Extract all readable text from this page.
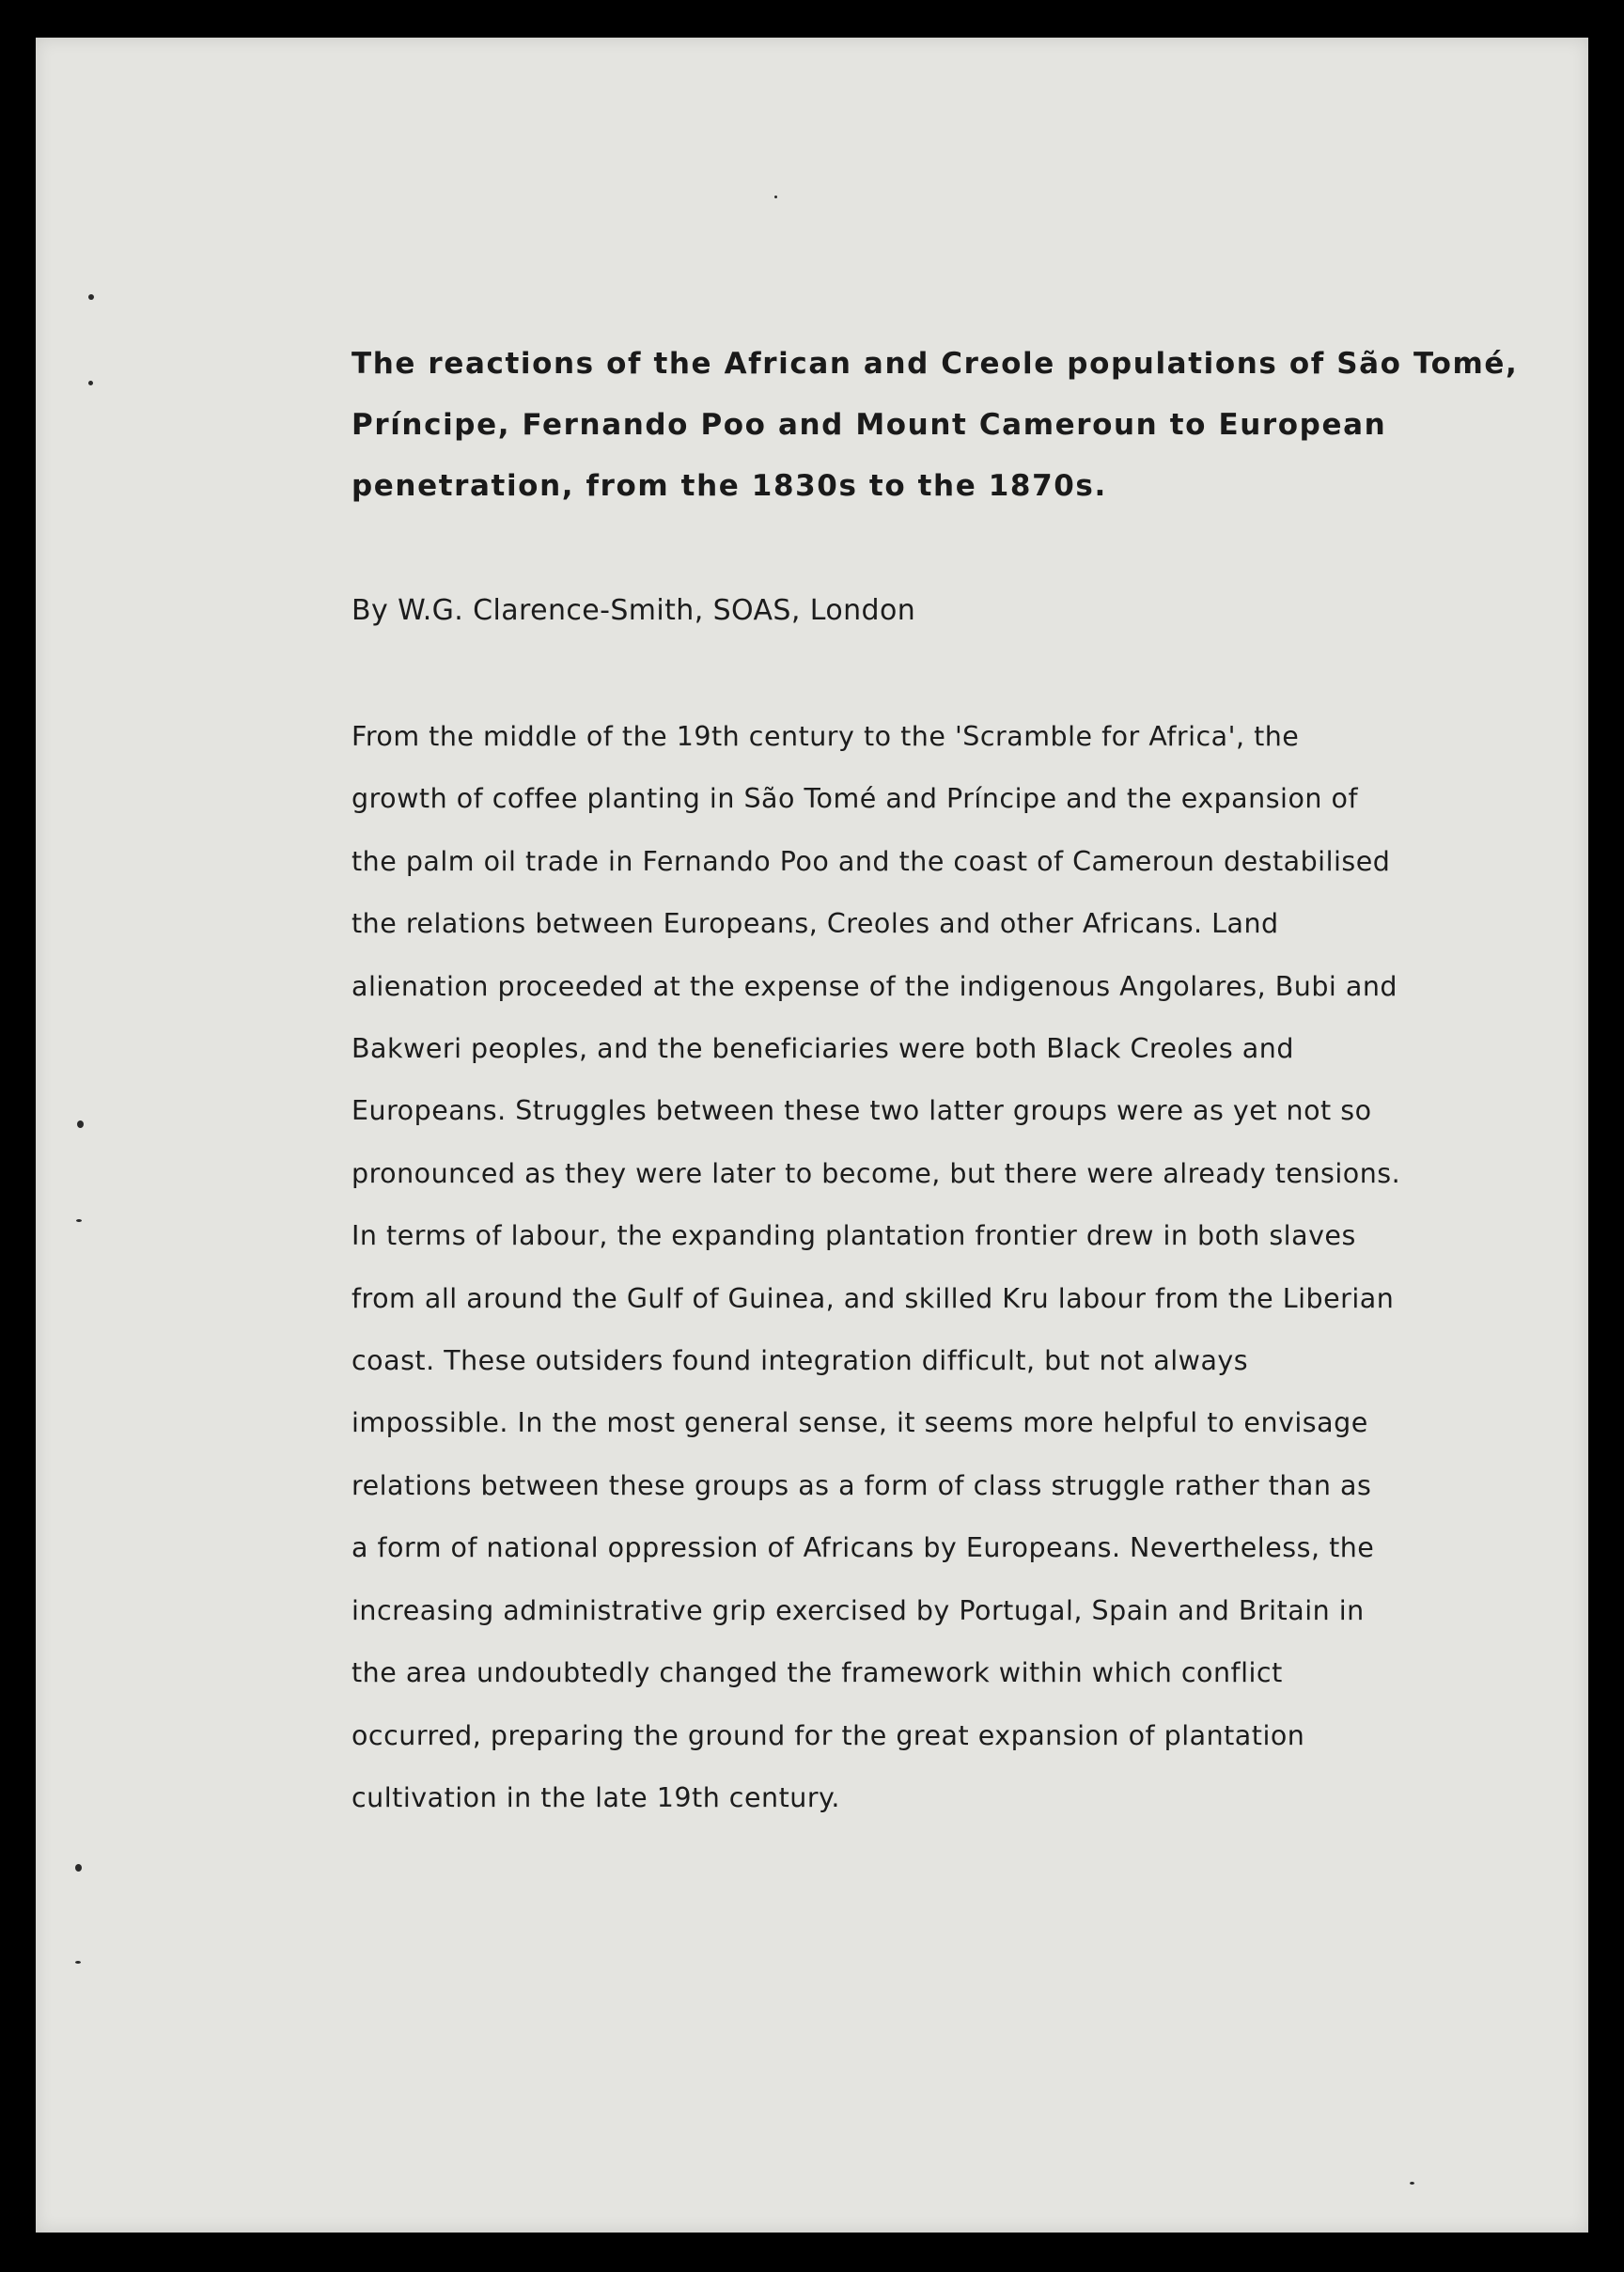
The reactions of the African and Creole populations of São Tomé,
Príncipe, Fernando Poo and Mount Cameroun to European
penetration, from the 1830s to the 1870s.
By W.G. Clarence-Smith, SOAS, London
From the middle of the 19th century to the 'Scramble for Africa', the
growth of coffee planting in São Tomé and Príncipe and the expansion of
the palm oil trade in Fernando Poo and the coast of Cameroun destabilised
the relations between Europeans, Creoles and other Africans. Land
alienation proceeded at the expense of the indigenous Angolares, Bubi and
Bakweri peoples, and the beneficiaries were both Black Creoles and
Europeans. Struggles between these two latter groups were as yet not so
pronounced as they were later to become, but there were already tensions.
In terms of labour, the expanding plantation frontier drew in both slaves
from all around the Gulf of Guinea, and skilled Kru labour from the Liberian
coast. These outsiders found integration difficult, but not always
impossible. In the most general sense, it seems more helpful to envisage
relations between these groups as a form of class struggle rather than as
a form of national oppression of Africans by Europeans. Nevertheless, the
increasing administrative grip exercised by Portugal, Spain and Britain in
the area undoubtedly changed the framework within which conflict
occurred, preparing the ground for the great expansion of plantation
cultivation in the late 19th century.
